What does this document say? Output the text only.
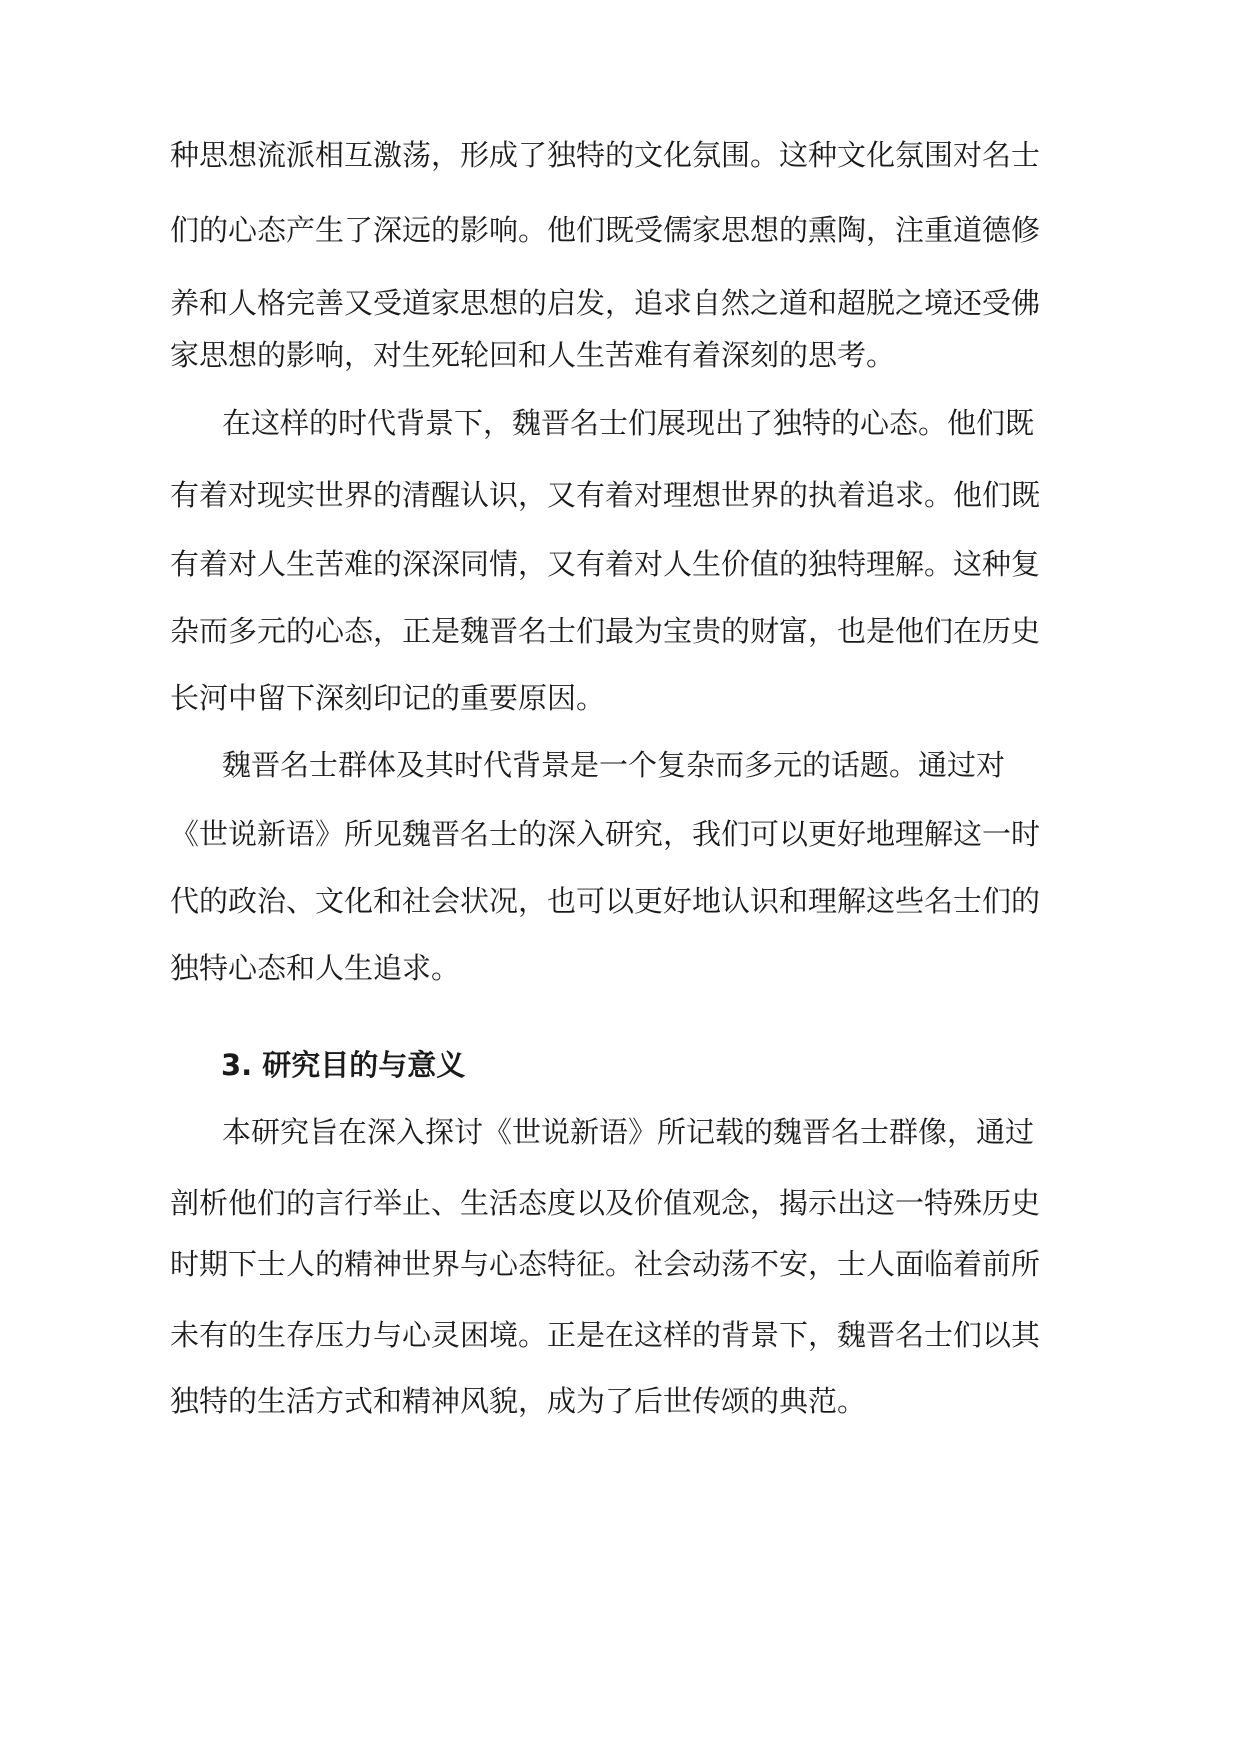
种思想流派相互激荡，形成了独特的文化氛围。这种文化氛围对名士
们的心态产生了深远的影响。他们既受儒家思想的熏陶，注重道德修
养和人格完善又受道家思想的启发，追求自然之道和超脱之境还受佛
家思想的影响，对生死轮回和人生苦难有着深刻的思考。
在这样的时代背景下，魏晋名士们展现出了独特的心态。他们既
有着对现实世界的清醒认识，又有着对理想世界的执着追求。他们既
有着对人生苦难的深深同情，又有着对人生价值的独特理解。这种复
杂而多元的心态，正是魏晋名士们最为宝贵的财富，也是他们在历史
长河中留下深刻印记的重要原因。
魏晋名士群体及其时代背景是一个复杂而多元的话题。通过对
《世说新语》所见魏晋名士的深入研究，我们可以更好地理解这一时
代的政治、文化和社会状况，也可以更好地认识和理解这些名士们的
独特心态和人生追求。
3. 研究目的与意义
本研究旨在深入探讨《世说新语》所记载的魏晋名士群像，通过
剖析他们的言行举止、生活态度以及价值观念，揭示出这一特殊历史
时期下士人的精神世界与心态特征。社会动荡不安，士人面临着前所
未有的生存压力与心灵困境。正是在这样的背景下，魏晋名士们以其
独特的生活方式和精神风貌，成为了后世传颂的典范。
